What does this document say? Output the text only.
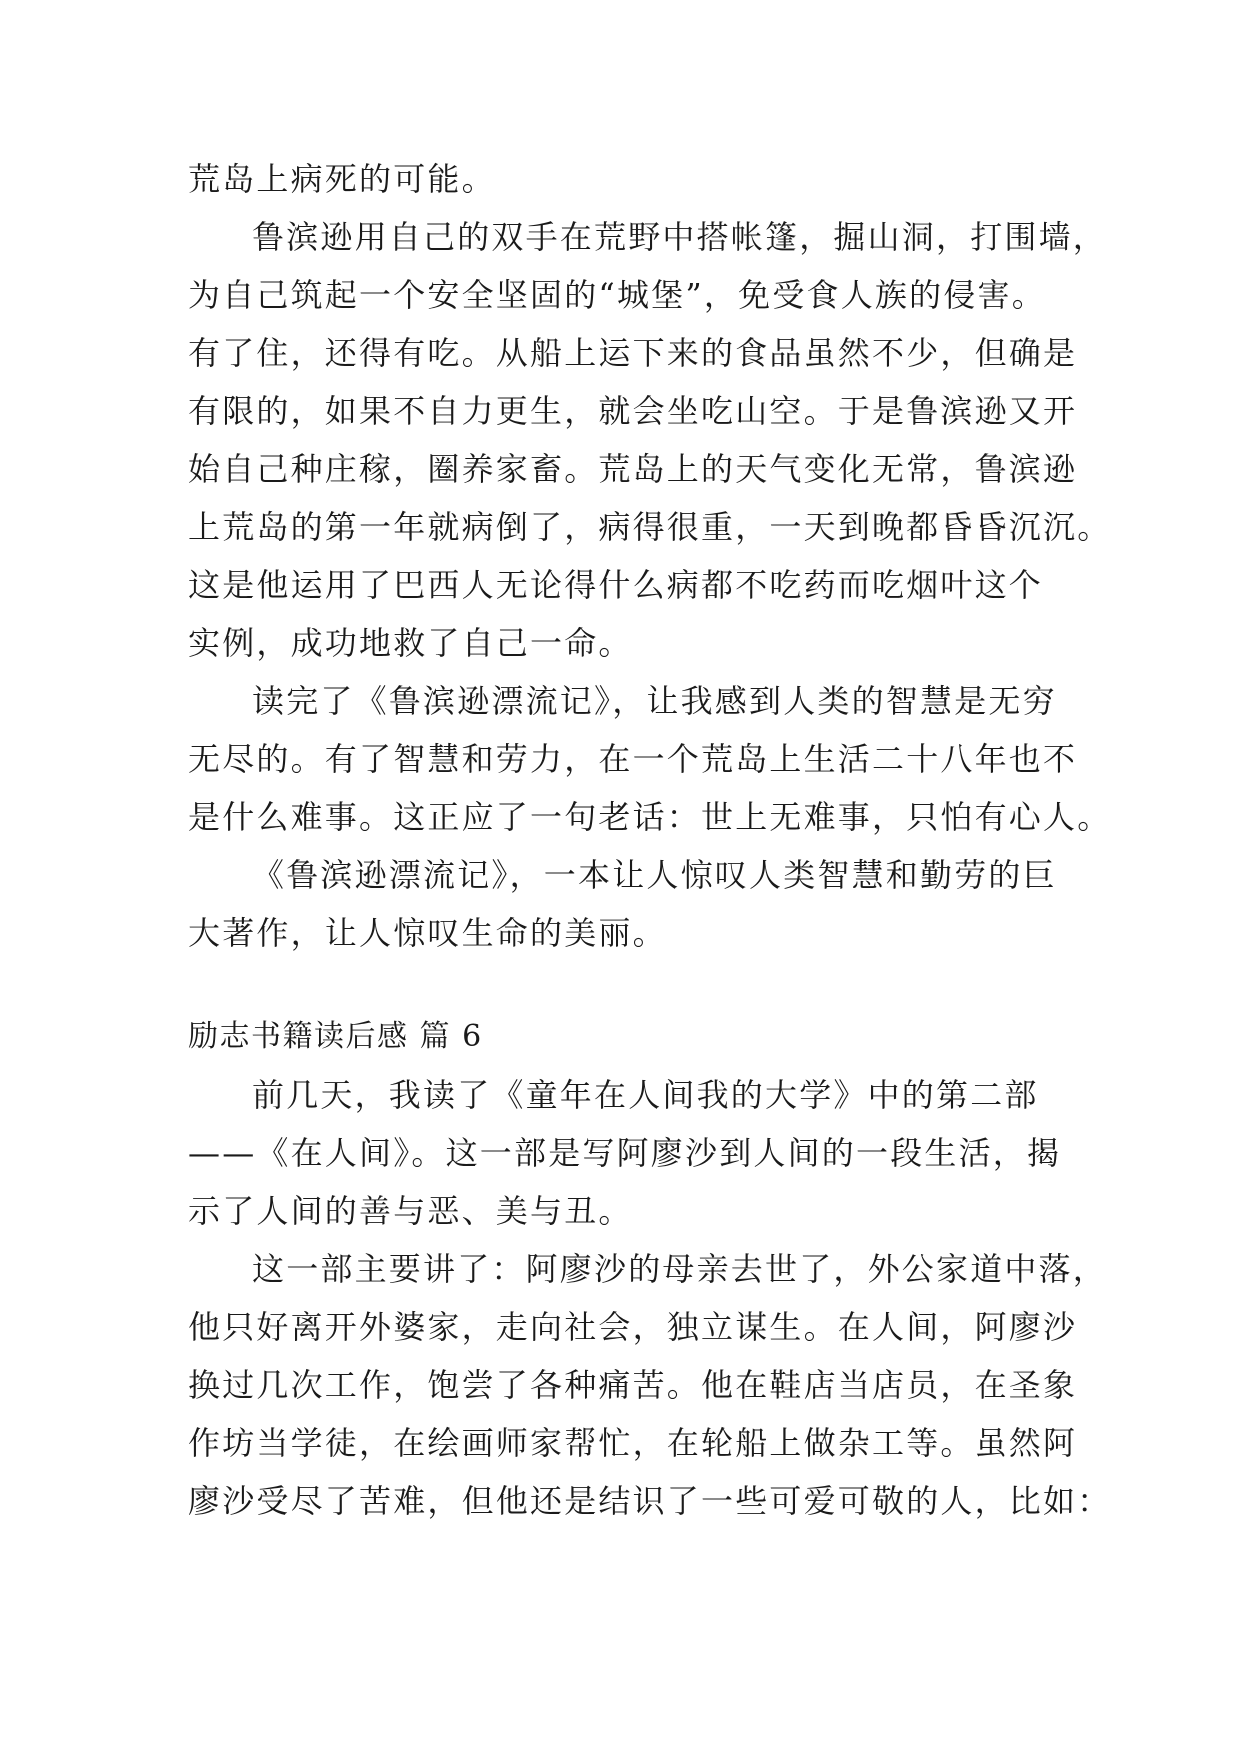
荒岛上病死的可能。
鲁滨逊用自己的双手在荒野中搭帐篷，掘山洞，打围墙，
为自己筑起一个安全坚固的“城堡”，免受食人族的侵害。
有了住，还得有吃。从船上运下来的食品虽然不少，但确是
有限的，如果不自力更生，就会坐吃山空。于是鲁滨逊又开
始自己种庄稼，圈养家畜。荒岛上的天气变化无常，鲁滨逊
上荒岛的第一年就病倒了，病得很重，一天到晚都昏昏沉沉。
这是他运用了巴西人无论得什么病都不吃药而吃烟叶这个
实例，成功地救了自己一命。
读完了《鲁滨逊漂流记》，让我感到人类的智慧是无穷
无尽的。有了智慧和劳力，在一个荒岛上生活二十八年也不
是什么难事。这正应了一句老话：世上无难事，只怕有心人。
《鲁滨逊漂流记》，一本让人惊叹人类智慧和勤劳的巨
大著作，让人惊叹生命的美丽。
励志书籍读后感 篇 6
前几天，我读了《童年在人间我的大学》中的第二部
——《在人间》。这一部是写阿廖沙到人间的一段生活，揭
示了人间的善与恶、美与丑。
这一部主要讲了：阿廖沙的母亲去世了，外公家道中落，
他只好离开外婆家，走向社会，独立谋生。在人间，阿廖沙
换过几次工作，饱尝了各种痛苦。他在鞋店当店员，在圣象
作坊当学徒，在绘画师家帮忙，在轮船上做杂工等。虽然阿
廖沙受尽了苦难，但他还是结识了一些可爱可敬的人，比如：
